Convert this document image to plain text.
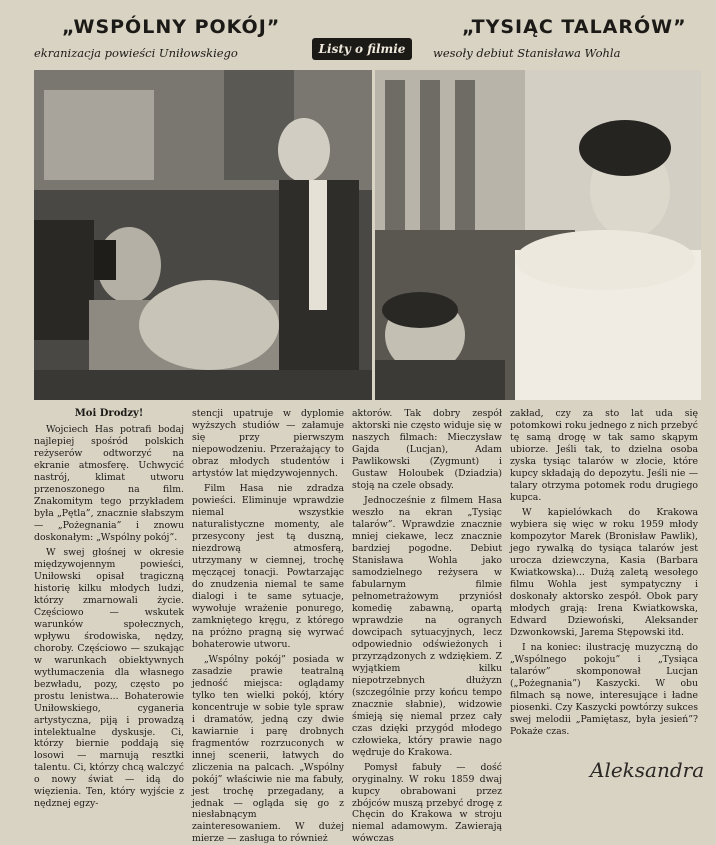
„WSPÓLNY POKÓJ”
ekranizacja powieści Uniłowskiego	Listy o filmie
„TYSIĄC TALARÓW”
wesoły debiut Stanisława Wohla

Moi Drodzy!

Wojciech Has potrafi bodaj najlepiej spośród polskich reżyserów odtworzyć na ekranie atmosferę. Uchwycić nastrój, klimat utworu przenoszonego na film. Znakomitym tego przykładem była „Pętla”, znacznie słabszym — „Pożegnania” i znowu doskonałym: „Wspólny pokój”.

W swej głośnej w okresie międzywojennym powieści, Uniłowski opisał tragiczną historię kilku młodych ludzi, którzy zmarnowali życie. Częściowo — wskutek warunków społecznych, wpływu środowiska, nędzy, choroby. Częściowo — szukając w warunkach obiektywnych wytłumaczenia dla własnego bezwładu, pozy, często po prostu lenistwa... Bohaterowie Uniłowskiego, cyganeria artystyczna, piją i prowadzą intelektualne dyskusje. Ci, którzy biernie poddają się losowi — marnują resztki talentu. Ci, którzy chcą walczyć o nowy świat — idą do więzienia. Ten, który wyjście z nędznej egzy-

stencji upatruje w dyplomie wyższych studiów — załamuje się przy pierwszym niepowodzeniu. Przerażający to obraz młodych studentów i artystów lat międzywojennych.

Film Hasa nie zdradza powieści. Eliminuje wprawdzie niemal wszystkie naturalistyczne momenty, ale przesycony jest tą duszną, niezdrową atmosferą, utrzymany w ciemnej, trochę męczącej tonacji. Powtarzając do znudzenia niemal te same dialogi i te same sytuacje, wywołuje wrażenie ponurego, zamkniętego kręgu, z którego na próżno pragną się wyrwać bohaterowie utworu.

„Wspólny pokój” posiada w zasadzie prawie teatralną jedność miejsca: oglądamy tylko ten wielki pokój, który koncentruje w sobie tyle spraw i dramatów, jedną czy dwie kawiarnie i parę drobnych fragmentów rozrzuconych w innej scenerii, łatwych do zliczenia na palcach. „Wspólny pokój” właściwie nie ma fabuły, jest trochę przegadany, a jednak — ogląda się go z niesłabnącym zainteresowaniem. W dużej mierze — zasługa to również

aktorów. Tak dobry zespół aktorski nie często widuje się w naszych filmach: Mieczysław Gajda (Lucjan), Adam Pawlikowski (Zygmunt) i Gustaw Holoubek (Dziadzia) stoją na czele obsady.

Jednocześnie z filmem Hasa weszło na ekran „Tysiąc talarów”. Wprawdzie znacznie mniej ciekawe, lecz znacznie bardziej pogodne. Debiut Stanisława Wohla jako samodzielnego reżysera w fabularnym filmie pełnometrażowym przyniósł komedię zabawną, opartą wprawdzie na ogranych dowcipach sytuacyjnych, lecz odpowiednio odświeżonych i przyrządzonych z wdziękiem. Z wyjątkiem kilku niepotrzebnych dłużyzn (szczególnie przy końcu tempo znacznie słabnie), widzowie śmieją się niemal przez cały czas dzięki przygód młodego człowieka, który prawie nago wędruje do Krakowa.

Pomysł fabuły — dość oryginalny. W roku 1859 dwaj kupcy obrabowani przez zbójców muszą przebyć drogę z Chęcin do Krakowa w stroju niemal adamowym. Zawierają wówczas

zakład, czy za sto lat uda się potomkowi roku jednego z nich przebyć tę samą drogę w tak samo skąpym ubiorze. Jeśli tak, to dzielna osoba zyska tysiąc talarów w złocie, które kupcy składają do depozytu. Jeśli nie — talary otrzyma potomek rodu drugiego kupca.

W kapielówkach do Krakowa wybiera się więc w roku 1959 młody kompozytor Marek (Bronisław Pawlik), jego rywalką do tysiąca talarów jest urocza dziewczyna, Kasia (Barbara Kwiatkowska)... Dużą zaletą wesołego filmu Wohla jest sympatyczny i doskonały aktorsko zespół. Obok pary młodych grają: Irena Kwiatkowska, Edward Dziewoński, Aleksander Dzwonkowski, Jarema Stępowski itd.

I na koniec: ilustrację muzyczną do „Wspólnego pokoju” i „Tysiąca talarów” skomponował Lucjan („Pożegnania”) Kaszycki. W obu filmach są nowe, interesujące i ładne piosenki. Czy Kaszycki powtórzy sukces swej melodii „Pamiętasz, była jesień”? Pokaże czas.

Aleksandra
